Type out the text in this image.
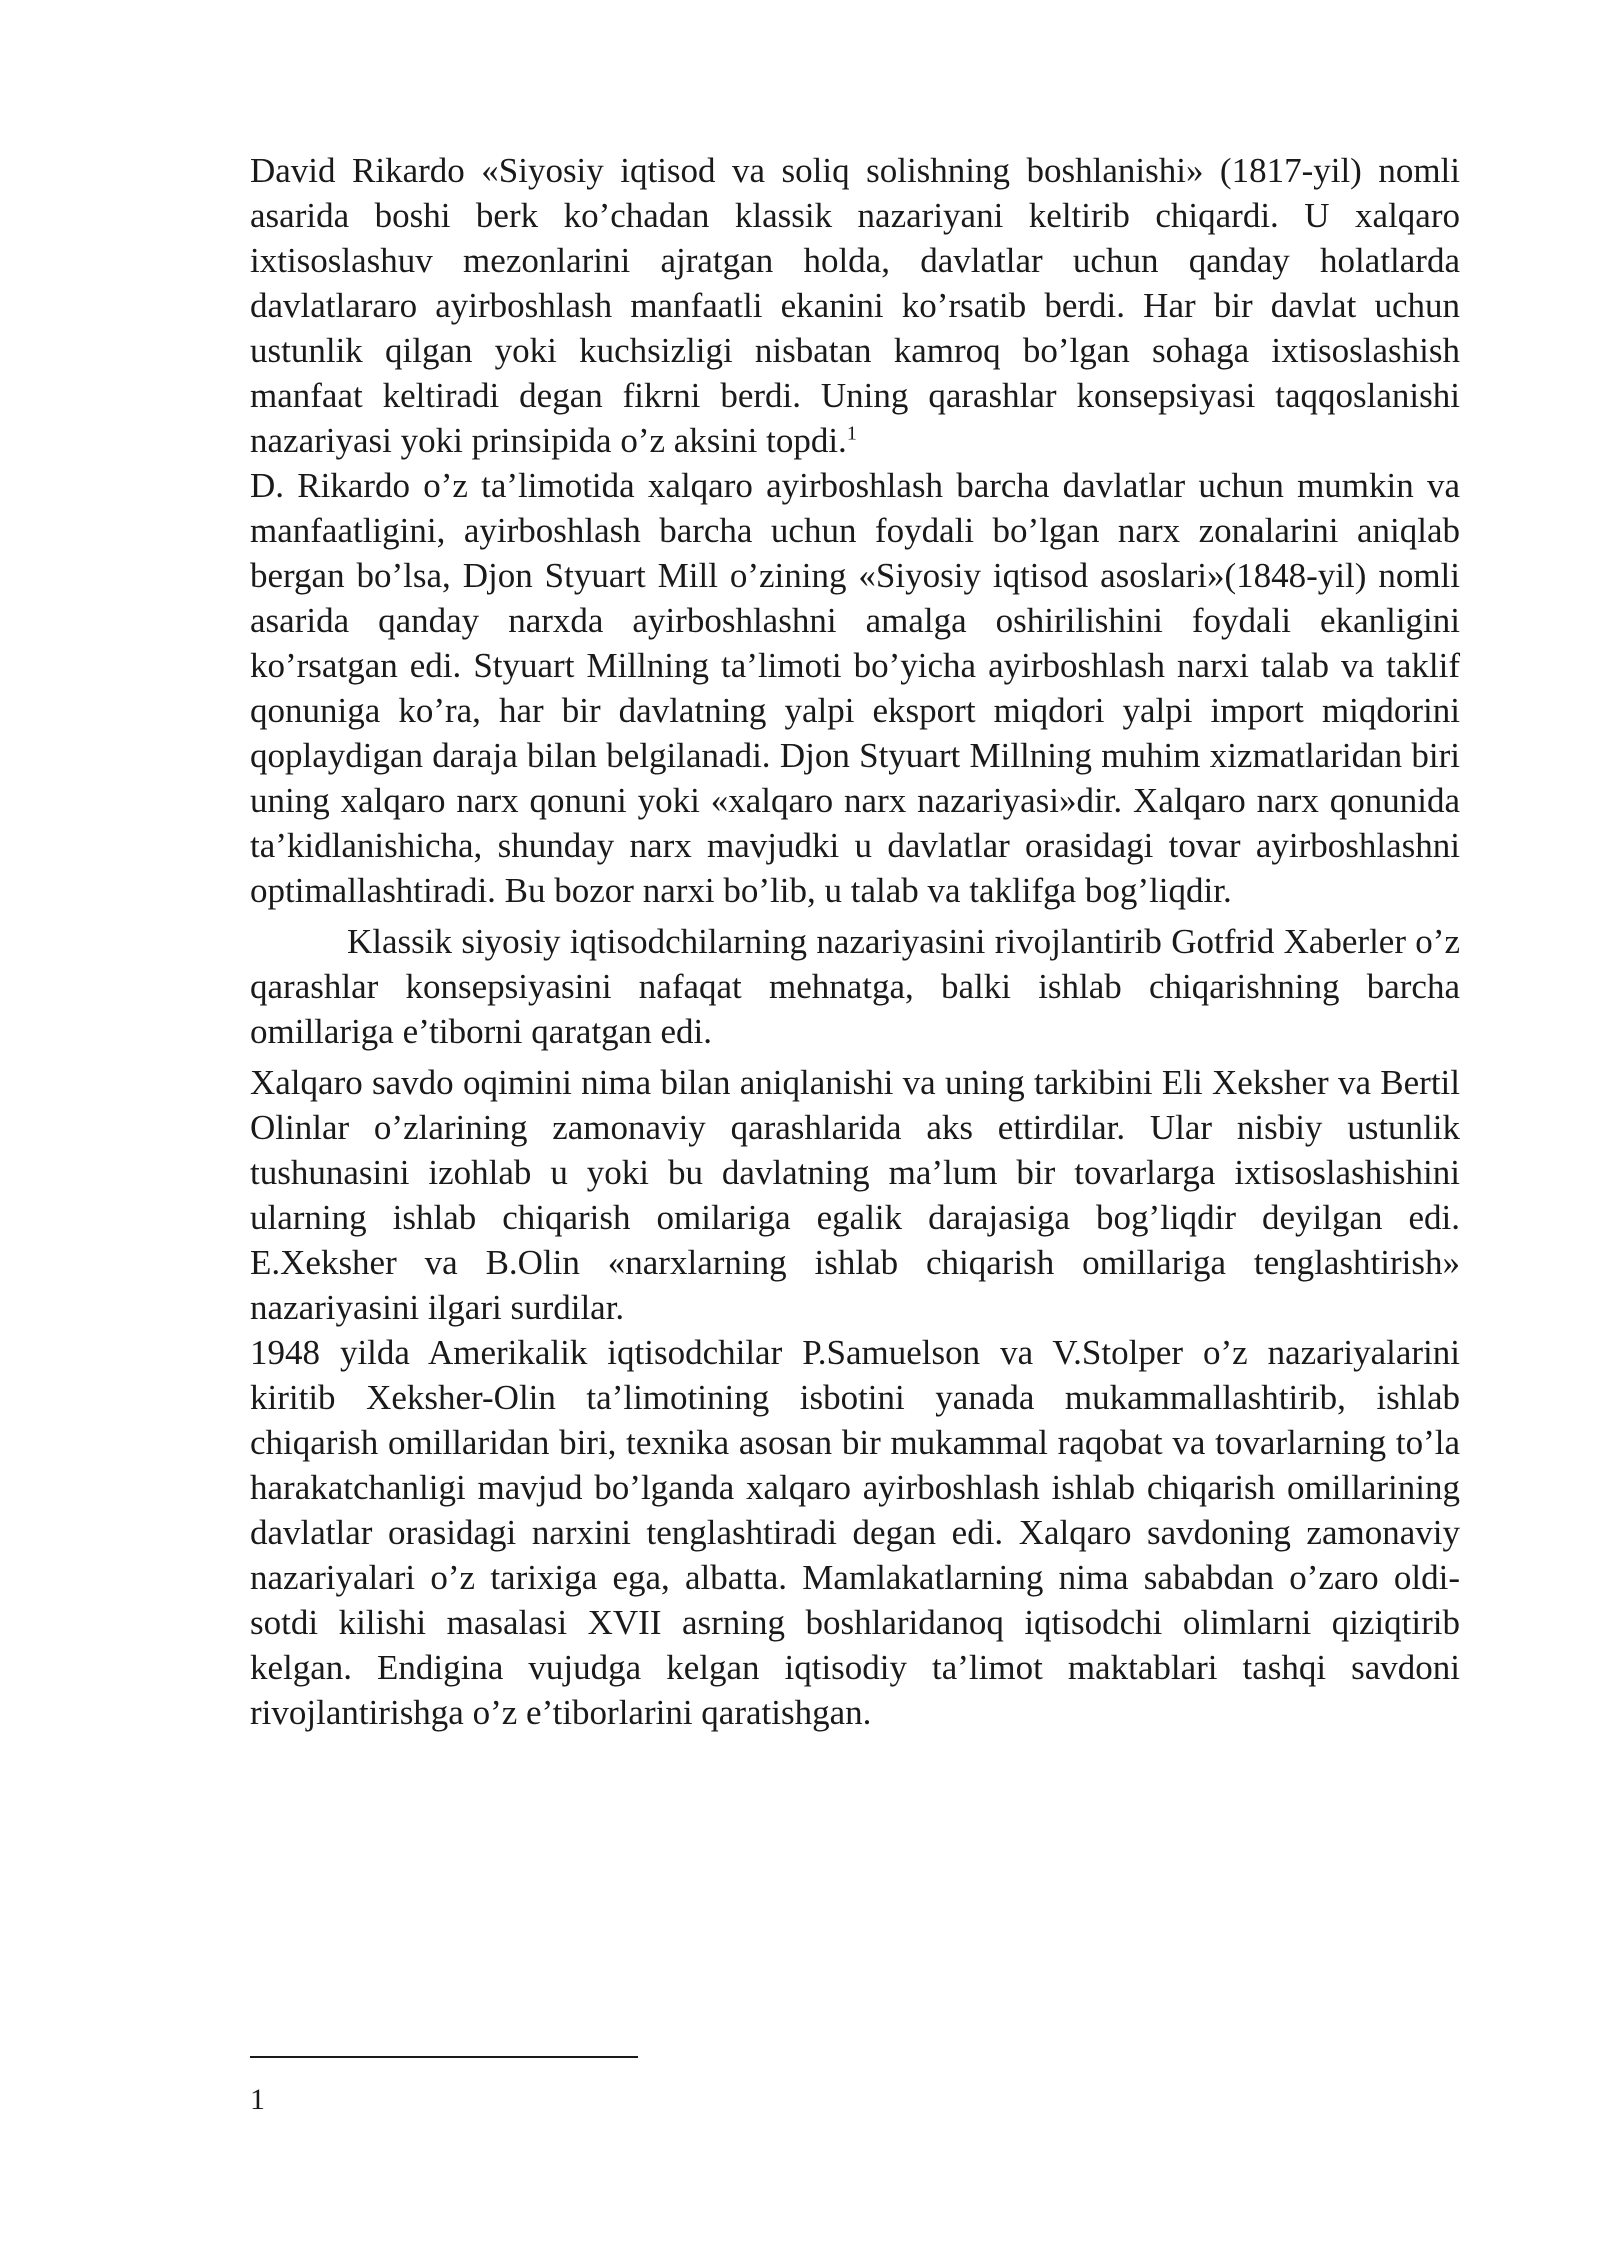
David Rikardo «Siyosiy iqtisod va soliq solishning boshlanishi» (1817-yil) nomli asarida boshi berk ko’chadan klassik nazariyani keltirib chiqardi. U xalqaro ixtisoslashuv mezonlarini ajratgan holda, davlatlar uchun qanday holatlarda davlatlararo ayirboshlash manfaatli ekanini ko’rsatib berdi. Har bir davlat uchun ustunlik qilgan yoki kuchsizligi nisbatan kamroq bo’lgan sohaga ixtisoslashish manfaat keltiradi degan fikrni berdi. Uning qarashlar konsepsiyasi taqqoslanishi nazariyasi yoki prinsipida o’z aksini topdi.$^1$

D. Rikardo o’z ta’limotida xalqaro ayirboshlash barcha davlatlar uchun mumkin va manfaatligini, ayirboshlash barcha uchun foydali bo’lgan narx zonalarini aniqlab bergan bo’lsa, Djon Styuart Mill o’zining «Siyosiy iqtisod asoslari»(1848-yil) nomli asarida qanday narxda ayirboshlashni amalga oshirilishini foydali ekanligini ko’rsatgan edi. Styuart Millning ta’limoti bo’yicha ayirboshlash narxi talab va taklif qonuniga ko’ra, har bir davlatning yalpi eksport miqdori yalpi import miqdorini qoplaydigan daraja bilan belgilanadi. Djon Styuart Millning muhim xizmatlaridan biri uning xalqaro narx qonuni yoki «xalqaro narx nazariyasi»dir. Xalqaro narx qonunida ta’kidlanishicha, shunday narx mavjudki u davlatlar orasidagi tovar ayirboshlashni optimallashtiradi. Bu bozor narxi bo’lib, u talab va taklifga bog’liqdir.

Klassik siyosiy iqtisodchilarning nazariyasini rivojlantirib Gotfrid Xaberler o’z qarashlar konsepsiyasini nafaqat mehnatga, balki ishlab chiqarishning barcha omillariga e’tiborni qaratgan edi.

Xalqaro savdo oqimini nima bilan aniqlanishi va uning tarkibini Eli Xeksher va Bertil Olinlar o’zlarining zamonaviy qarashlarida aks ettirdilar. Ular nisbiy ustunlik tushunasini izohlab u yoki bu davlatning ma’lum bir tovarlarga ixtisoslashishini ularning ishlab chiqarish omilariga egalik darajasiga bog’liqdir deyilgan edi. E.Xeksher va B.Olin «narxlarning ishlab chiqarish omillariga tenglashtirish» nazariyasini ilgari surdilar.

1948 yilda Amerikalik iqtisodchilar P.Samuelson va V.Stolper o’z nazariyalarini kiritib Xeksher-Olin ta’limotining isbotini yanada mukammallashtirib, ishlab chiqarish omillaridan biri, texnika asosan bir mukammal raqobat va tovarlarning to’la harakatchanligi mavjud bo’lganda xalqaro ayirboshlash ishlab chiqarish omillarining davlatlar orasidagi narxini tenglashtiradi degan edi. Xalqaro savdoning zamonaviy nazariyalari o’z tarixiga ega, albatta. Mamlakatlarning nima sababdan o’zaro oldi-sotdi kilishi masalasi XVII asrning boshlaridanoq iqtisodchi olimlarni qiziqtirib kelgan. Endigina vujudga kelgan iqtisodiy ta’limot maktablari tashqi savdoni rivojlantirishga o’z e’tiborlarini qaratishgan.

1
